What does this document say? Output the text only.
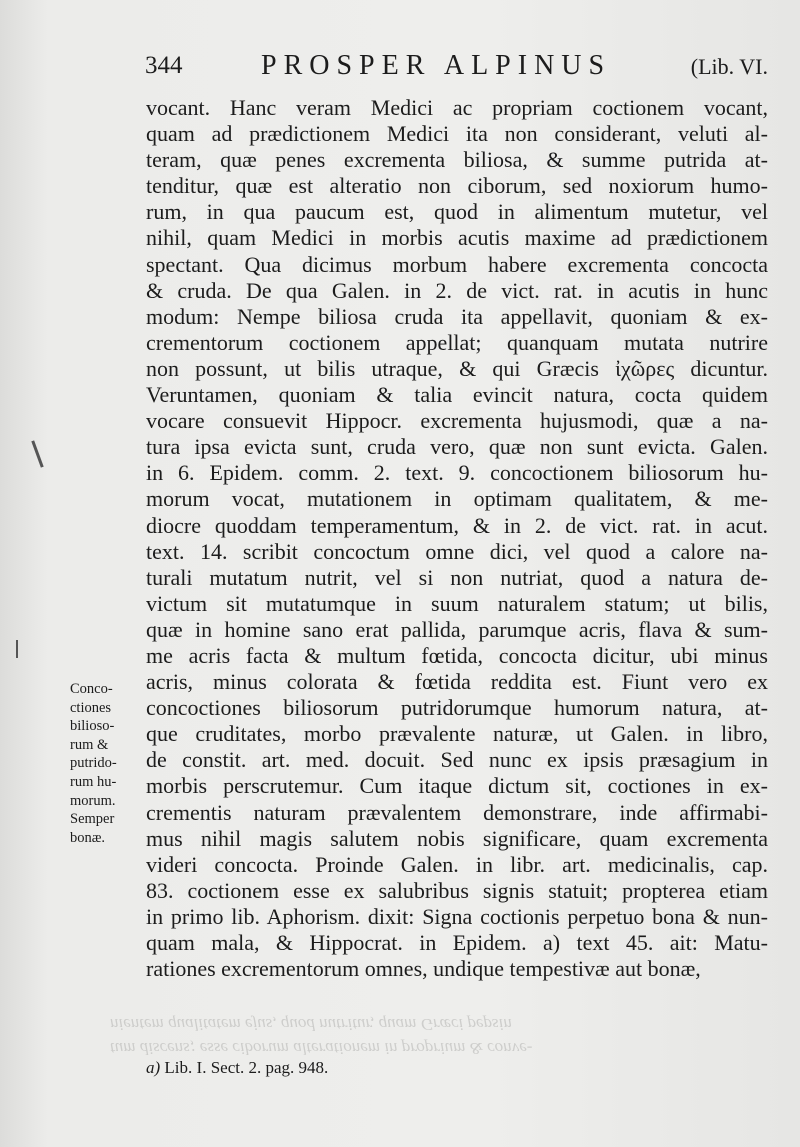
tum discens; esse ciborum alterationem in proprium & conve-
nientem qualitatem ejus, quod nutritur, quam Græci pepsin
344	PROSPER ALPINUS	(Lib. VI.
vocant. Hanc veram Medici ac propriam coctionem vocant,
quam ad prædictionem Medici ita non considerant, veluti al-
teram, quæ penes excrementa biliosa, & summe putrida at-
tenditur, quæ est alteratio non ciborum, sed noxiorum humo-
rum, in qua paucum est, quod in alimentum mutetur, vel
nihil, quam Medici in morbis acutis maxime ad prædictionem
spectant. Qua dicimus morbum habere excrementa concocta
& cruda. De qua Galen. in 2. de vict. rat. in acutis in hunc
modum: Nempe biliosa cruda ita appellavit, quoniam & ex-
crementorum coctionem appellat; quanquam mutata nutrire
non possunt, ut bilis utraque, & qui Græcis ἰχῶρες dicuntur.
Veruntamen, quoniam & talia evincit natura, cocta quidem
vocare consuevit Hippocr. excrementa hujusmodi, quæ a na-
tura ipsa evicta sunt, cruda vero, quæ non sunt evicta. Galen.
in 6. Epidem. comm. 2. text. 9. concoctionem biliosorum hu-
morum vocat, mutationem in optimam qualitatem, & me-
diocre quoddam temperamentum, & in 2. de vict. rat. in acut.
text. 14. scribit concoctum omne dici, vel quod a calore na-
turali mutatum nutrit, vel si non nutriat, quod a natura de-
victum sit mutatumque in suum naturalem statum; ut bilis,
quæ in homine sano erat pallida, parumque acris, flava & sum-
me acris facta & multum fœtida, concocta dicitur, ubi minus
acris, minus colorata & fœtida reddita est. Fiunt vero ex
concoctiones biliosorum putridorumque humorum natura, at-
que cruditates, morbo prævalente naturæ, ut Galen. in libro,
de constit. art. med. docuit. Sed nunc ex ipsis præsagium in
morbis perscrutemur. Cum itaque dictum sit, coctiones in ex-
crementis naturam prævalentem demonstrare, inde affirmabi-
mus nihil magis salutem nobis significare, quam excrementa
videri concocta. Proinde Galen. in libr. art. medicinalis, cap.
83. coctionem esse ex salubribus signis statuit; propterea etiam
in primo lib. Aphorism. dixit: Signa coctionis perpetuo bona & nun-
quam mala, & Hippocrat. in Epidem. a) text 45. ait: Matu-
rationes excrementorum omnes, undique tempestivæ aut bonæ,
Conco-
ctiones
bilioso-
rum &
putrido-
rum hu-
morum.
Semper
bonæ.
a) Lib. I. Sect. 2. pag. 948.
